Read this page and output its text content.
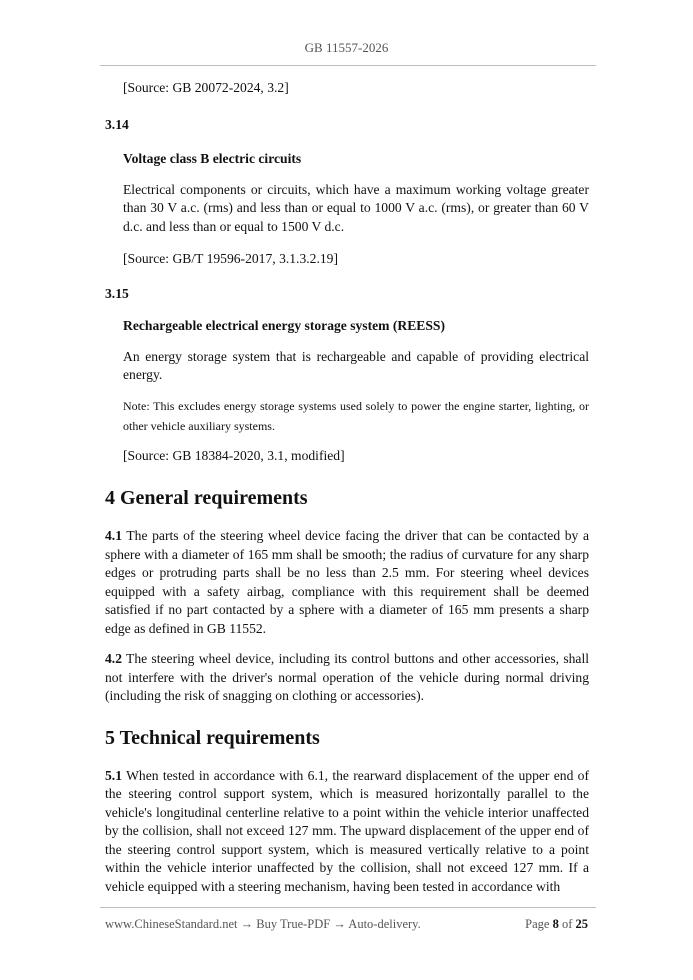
GB 11557-2026

[Source: GB 20072-2024, 3.2]

3.14

Voltage class B electric circuits

Electrical components or circuits, which have a maximum working voltage greater than 30 V a.c. (rms) and less than or equal to 1000 V a.c. (rms), or greater than 60 V d.c. and less than or equal to 1500 V d.c.

[Source: GB/T 19596-2017, 3.1.3.2.19]

3.15

Rechargeable electrical energy storage system (REESS)

An energy storage system that is rechargeable and capable of providing electrical energy.

Note: This excludes energy storage systems used solely to power the engine starter, lighting, or other vehicle auxiliary systems.

[Source: GB 18384-2020, 3.1, modified]

4 General requirements

4.1 The parts of the steering wheel device facing the driver that can be contacted by a sphere with a diameter of 165 mm shall be smooth; the radius of curvature for any sharp edges or protruding parts shall be no less than 2.5 mm. For steering wheel devices equipped with a safety airbag, compliance with this requirement shall be deemed satisfied if no part contacted by a sphere with a diameter of 165 mm presents a sharp edge as defined in GB 11552.

4.2 The steering wheel device, including its control buttons and other accessories, shall not interfere with the driver's normal operation of the vehicle during normal driving (including the risk of snagging on clothing or accessories).

5 Technical requirements

5.1 When tested in accordance with 6.1, the rearward displacement of the upper end of the steering control support system, which is measured horizontally parallel to the vehicle's longitudinal centerline relative to a point within the vehicle interior unaffected by the collision, shall not exceed 127 mm. The upward displacement of the upper end of the steering control support system, which is measured vertically relative to a point within the vehicle interior unaffected by the collision, shall not exceed 127 mm. If a vehicle equipped with a steering mechanism, having been tested in accordance with

www.ChineseStandard.net → Buy True-PDF → Auto-delivery.	Page 8 of 25
